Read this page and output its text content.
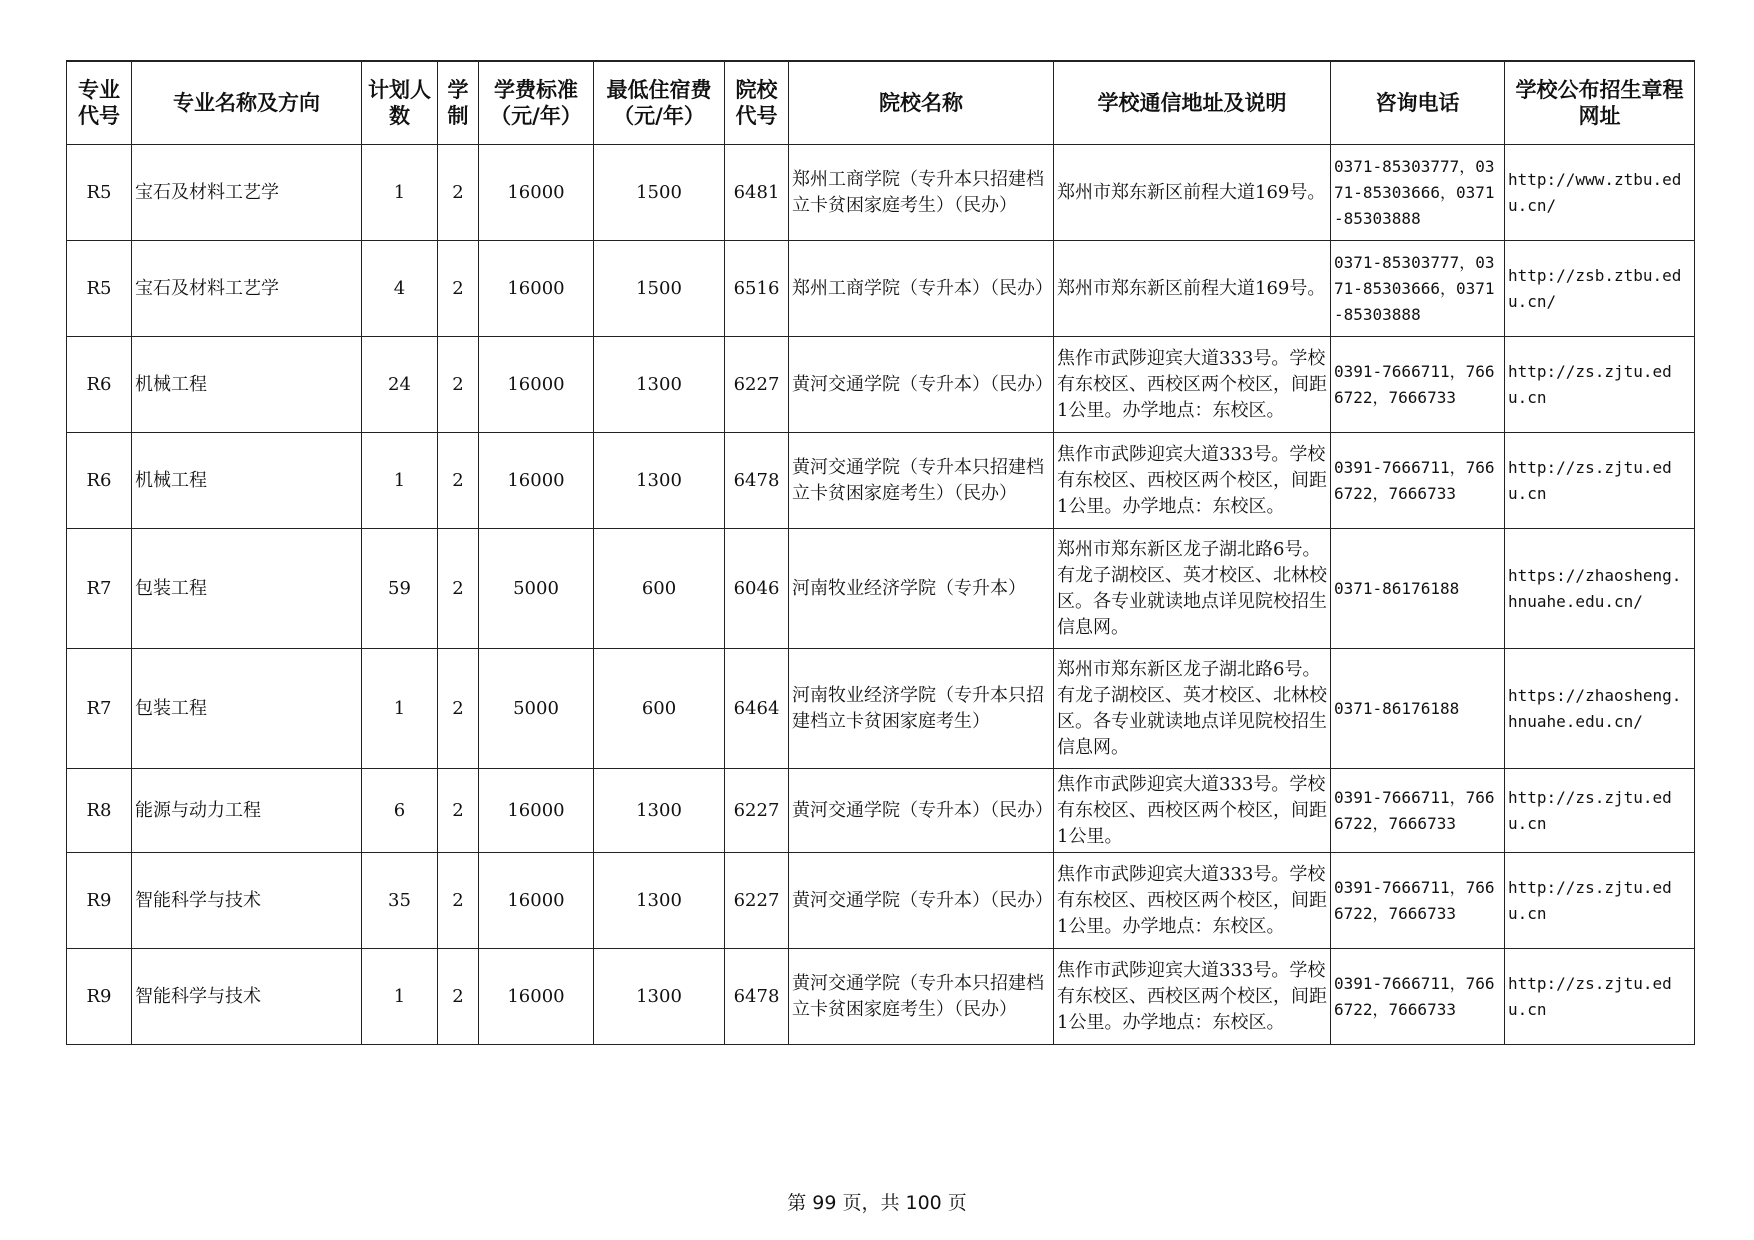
专业代号	专业名称及方向	计划人数	学制	学费标准（元/年）	最低住宿费（元/年）	院校代号	院校名称	学校通信地址及说明	咨询电话	学校公布招生章程网址
R5	宝石及材料工艺学	1	2	16000	1500	6481	郑州工商学院（专升本只招建档立卡贫困家庭考生）（民办）	郑州市郑东新区前程大道169号。	0371-85303777，0371-85303666，0371-85303888	http://www.ztbu.edu.cn/
R5	宝石及材料工艺学	4	2	16000	1500	6516	郑州工商学院（专升本）（民办）	郑州市郑东新区前程大道169号。	0371-85303777，0371-85303666，0371-85303888	http://zsb.ztbu.edu.cn/
R6	机械工程	24	2	16000	1300	6227	黄河交通学院（专升本）（民办）	焦作市武陟迎宾大道333号。学校有东校区、西校区两个校区，间距1公里。办学地点：东校区。	0391-7666711，7666722，7666733	http://zs.zjtu.edu.cn
R6	机械工程	1	2	16000	1300	6478	黄河交通学院（专升本只招建档立卡贫困家庭考生）（民办）	焦作市武陟迎宾大道333号。学校有东校区、西校区两个校区，间距1公里。办学地点：东校区。	0391-7666711，7666722，7666733	http://zs.zjtu.edu.cn
R7	包装工程	59	2	5000	600	6046	河南牧业经济学院（专升本）	郑州市郑东新区龙子湖北路6号。有龙子湖校区、英才校区、北林校区。各专业就读地点详见院校招生信息网。	0371-86176188	https://zhaosheng.hnuahe.edu.cn/
R7	包装工程	1	2	5000	600	6464	河南牧业经济学院（专升本只招建档立卡贫困家庭考生）	郑州市郑东新区龙子湖北路6号。有龙子湖校区、英才校区、北林校区。各专业就读地点详见院校招生信息网。	0371-86176188	https://zhaosheng.hnuahe.edu.cn/
R8	能源与动力工程	6	2	16000	1300	6227	黄河交通学院（专升本）（民办）	焦作市武陟迎宾大道333号。学校有东校区、西校区两个校区，间距1公里。	0391-7666711，7666722，7666733	http://zs.zjtu.edu.cn
R9	智能科学与技术	35	2	16000	1300	6227	黄河交通学院（专升本）（民办）	焦作市武陟迎宾大道333号。学校有东校区、西校区两个校区，间距1公里。办学地点：东校区。	0391-7666711，7666722，7666733	http://zs.zjtu.edu.cn
R9	智能科学与技术	1	2	16000	1300	6478	黄河交通学院（专升本只招建档立卡贫困家庭考生）（民办）	焦作市武陟迎宾大道333号。学校有东校区、西校区两个校区，间距1公里。办学地点：东校区。	0391-7666711，7666722，7666733	http://zs.zjtu.edu.cn
第 99 页，共 100 页
